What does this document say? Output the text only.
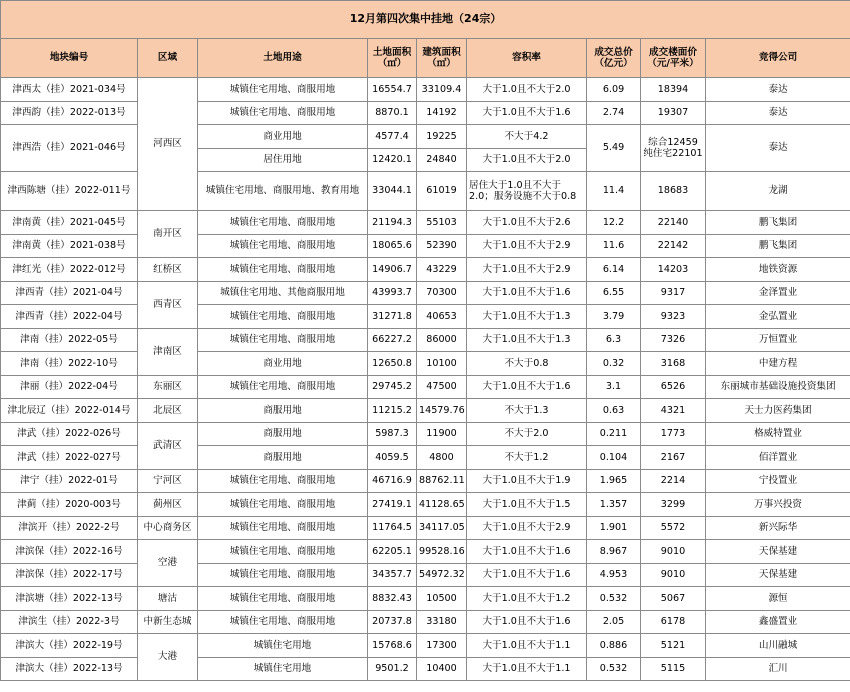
12月第四次集中挂地（24宗）								
地块编号	区域	土地用途	土地面积（㎡）	建筑面积（㎡）	容积率	成交总价（亿元）	成交楼面价（元/平米）	竞得公司
津西太（挂）2021-034号	河西区	城镇住宅用地、商服用地	16554.7	33109.4	大于1.0且不大于2.0	6.09	18394	泰达
津西韵（挂）2022-013号		城镇住宅用地、商服用地	8870.1	14192	大于1.0且不大于1.6	2.74	19307	泰达
津西浩（挂）2021-046号		商业用地	4577.4	19225	不大于4.2	5.49	综合12459 纯住宅22101	泰达
		居住用地	12420.1	24840	大于1.0且不大于2.0			
津西陈塘（挂）2022-011号		城镇住宅用地、商服用地、教育用地	33044.1	61019	居住大于1.0且不大于2.0；服务设施不大于0.8	11.4	18683	龙湖
津南黄（挂）2021-045号	南开区	城镇住宅用地、商服用地	21194.3	55103	大于1.0且不大于2.6	12.2	22140	鹏飞集团
津南黄（挂）2021-038号		城镇住宅用地、商服用地	18065.6	52390	大于1.0且不大于2.9	11.6	22142	鹏飞集团
津红光（挂）2022-012号	红桥区	城镇住宅用地、商服用地	14906.7	43229	大于1.0且不大于2.9	6.14	14203	地铁资源
津西青（挂）2021-04号	西青区	城镇住宅用地、其他商服用地	43993.7	70300	大于1.0且不大于1.6	6.55	9317	金泽置业
津西青（挂）2022-04号		城镇住宅用地、商服用地	31271.8	40653	大于1.0且不大于1.3	3.79	9323	金弘置业
津南（挂）2022-05号	津南区	城镇住宅用地、商服用地	66227.2	86000	大于1.0且不大于1.3	6.3	7326	万恒置业
津南（挂）2022-10号		商业用地	12650.8	10100	不大于0.8	0.32	3168	中建方程
津丽（挂）2022-04号	东丽区	城镇住宅用地、商服用地	29745.2	47500	大于1.0且不大于1.6	3.1	6526	东丽城市基础设施投资集团
津北辰辽（挂）2022-014号	北辰区	商服用地	11215.2	14579.76	不大于1.3	0.63	4321	天士力医药集团
津武（挂）2022-026号	武清区	商服用地	5987.3	11900	不大于2.0	0.211	1773	格威特置业
津武（挂）2022-027号		商服用地	4059.5	4800	不大于1.2	0.104	2167	佰洋置业
津宁（挂）2022-01号	宁河区	城镇住宅用地、商服用地	46716.9	88762.11	大于1.0且不大于1.9	1.965	2214	宁投置业
津蓟（挂）2020-003号	蓟州区	城镇住宅用地、商服用地	27419.1	41128.65	大于1.0且不大于1.5	1.357	3299	万事兴投资
津滨开（挂）2022-2号	中心商务区	城镇住宅用地、商服用地	11764.5	34117.05	大于1.0且不大于2.9	1.901	5572	新兴际华
津滨保（挂）2022-16号	空港	城镇住宅用地、商服用地	62205.1	99528.16	大于1.0且不大于1.6	8.967	9010	天保基建
津滨保（挂）2022-17号		城镇住宅用地、商服用地	34357.7	54972.32	大于1.0且不大于1.6	4.953	9010	天保基建
津滨塘（挂）2022-13号	塘沽	城镇住宅用地、商服用地	8832.43	10500	大于1.0且不大于1.2	0.532	5067	源恒
津滨生（挂）2022-3号	中新生态城	城镇住宅用地、商服用地	20737.8	33180	大于1.0且不大于1.6	2.05	6178	鑫盛置业
津滨大（挂）2022-19号	大港	城镇住宅用地	15768.6	17300	大于1.0且不大于1.1	0.886	5121	山川融城
津滨大（挂）2022-13号		城镇住宅用地	9501.2	10400	大于1.0且不大于1.1	0.532	5115	汇川
